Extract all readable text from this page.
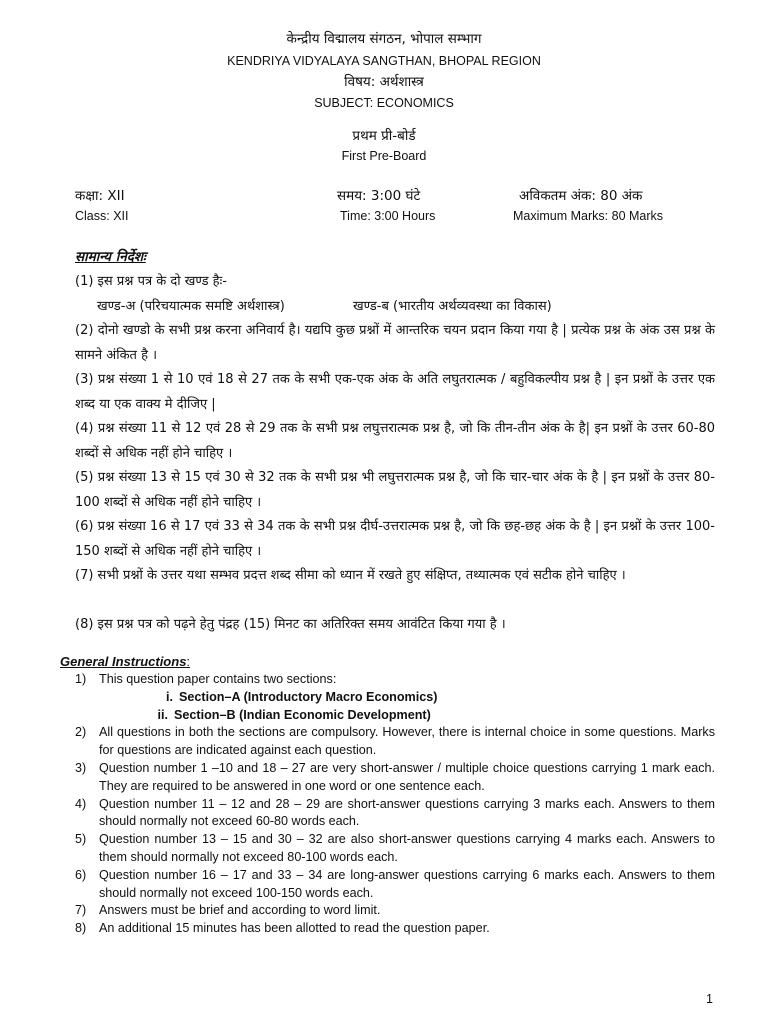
केन्द्रीय विद्मालय संगठन, भोपाल सम्भाग
KENDRIYA VIDYALAYA SANGTHAN, BHOPAL REGION
विषय: अर्थशास्त्र
SUBJECT: ECONOMICS
प्रथम प्री-बोर्ड
First Pre-Board
कक्षा: XII	समय: 3:00 घंटे	अविकतम अंक: 80 अंक
Class: XII	Time: 3:00 Hours	Maximum Marks: 80 Marks
सामान्य निर्देशः
(1) इस प्रश्न पत्र के दो खण्ड हैः-
खण्ड-अ (परिचयात्मक समष्टि अर्थशास्त्र)	खण्ड-ब (भारतीय अर्थव्यवस्था का विकास)
(2) दोनो खण्डो के सभी प्रश्न करना अनिवार्य है। यद्यपि कुछ प्रश्नों में आन्तरिक चयन प्रदान किया गया है | प्रत्येक प्रश्न के अंक उस प्रश्न के सामने अंकित है ।
(3) प्रश्न संख्या 1 से 10 एवं 18 से 27 तक के सभी एक-एक अंक के अति लघुतरात्मक / बहुविकल्पीय प्रश्न है | इन प्रश्नों के उत्तर एक शब्द या एक वाक्य मे दीजिए |
(4) प्रश्न संख्या 11 से 12 एवं 28 से 29 तक के सभी प्रश्न लघुत्तरात्मक प्रश्न है, जो कि तीन-तीन अंक के है| इन प्रश्नों के उत्तर 60-80 शब्दों से अधिक नहीं होने चाहिए ।
(5) प्रश्न संख्या 13 से 15 एवं 30 से 32 तक के सभी प्रश्न भी लघुत्तरात्मक प्रश्न है, जो कि चार-चार अंक के है | इन प्रश्नों के उत्तर 80-100 शब्दों से अधिक नहीं होने चाहिए ।
(6) प्रश्न संख्या 16 से 17 एवं 33 से 34 तक के सभी प्रश्न दीर्घ-उत्तरात्मक प्रश्न है, जो कि छह-छह अंक के है | इन प्रश्नों के उत्तर 100-150 शब्दों से अधिक नहीं होने चाहिए ।
(7) सभी प्रश्नों के उत्तर यथा सम्भव प्रदत्त शब्द सीमा को ध्यान में रखते हुए संक्षिप्त, तथ्यात्मक एवं सटीक होने चाहिए ।
(8) इस प्रश्न पत्र को पढ़ने हेतु पंद्रह (15) मिनट का अतिरिक्त समय आवंटित किया गया है ।
General Instructions:
1)	This question paper contains two sections:
i. Section–A (Introductory Macro Economics)
ii. Section–B (Indian Economic Development)
2)	All questions in both the sections are compulsory. However, there is internal choice in some questions. Marks for questions are indicated against each question.
3)	Question number 1 –10 and 18 – 27 are very short-answer / multiple choice questions carrying 1 mark each. They are required to be answered in one word or one sentence each.
4)	Question number 11 – 12 and 28 – 29 are short-answer questions carrying 3 marks each. Answers to them should normally not exceed 60-80 words each.
5)	Question number 13 – 15 and 30 – 32 are also short-answer questions carrying 4 marks each. Answers to them should normally not exceed 80-100 words each.
6)	Question number 16 – 17 and 33 – 34 are long-answer questions carrying 6 marks each. Answers to them should normally not exceed 100-150 words each.
7)	Answers must be brief and according to word limit.
8)	An additional 15 minutes has been allotted to read the question paper.
1
